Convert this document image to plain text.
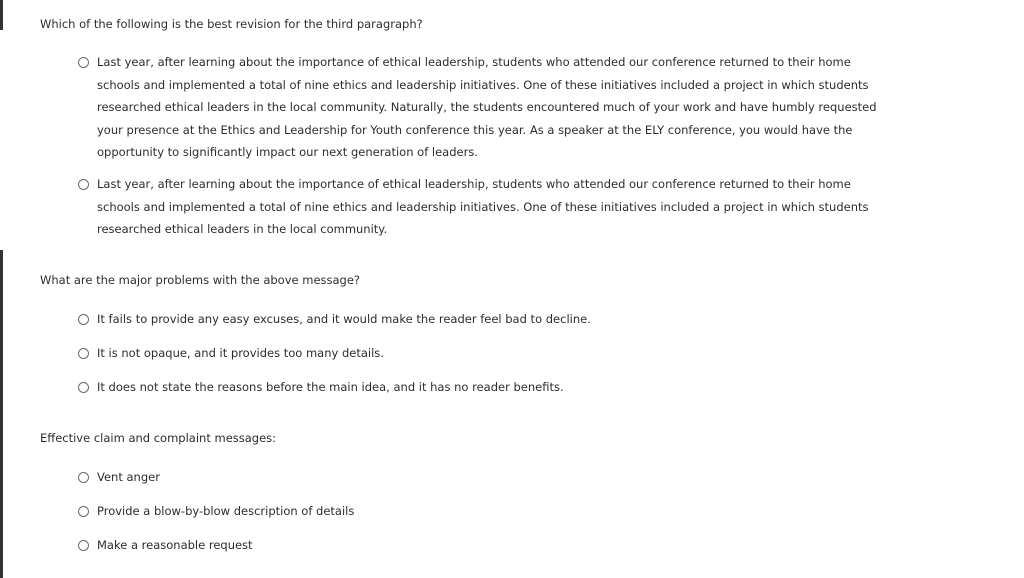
Which of the following is the best revision for the third paragraph?

Last year, after learning about the importance of ethical leadership, students who attended our conference returned to their home schools and implemented a total of nine ethics and leadership initiatives. One of these initiatives included a project in which students researched ethical leaders in the local community. Naturally, the students encountered much of your work and have humbly requested your presence at the Ethics and Leadership for Youth conference this year. As a speaker at the ELY conference, you would have the opportunity to significantly impact our next generation of leaders.
Last year, after learning about the importance of ethical leadership, students who attended our conference returned to their home schools and implemented a total of nine ethics and leadership initiatives. One of these initiatives included a project in which students researched ethical leaders in the local community.

What are the major problems with the above message?

It fails to provide any easy excuses, and it would make the reader feel bad to decline.
It is not opaque, and it provides too many details.
It does not state the reasons before the main idea, and it has no reader benefits.

Effective claim and complaint messages:

Vent anger
Provide a blow-by-blow description of details
Make a reasonable request
